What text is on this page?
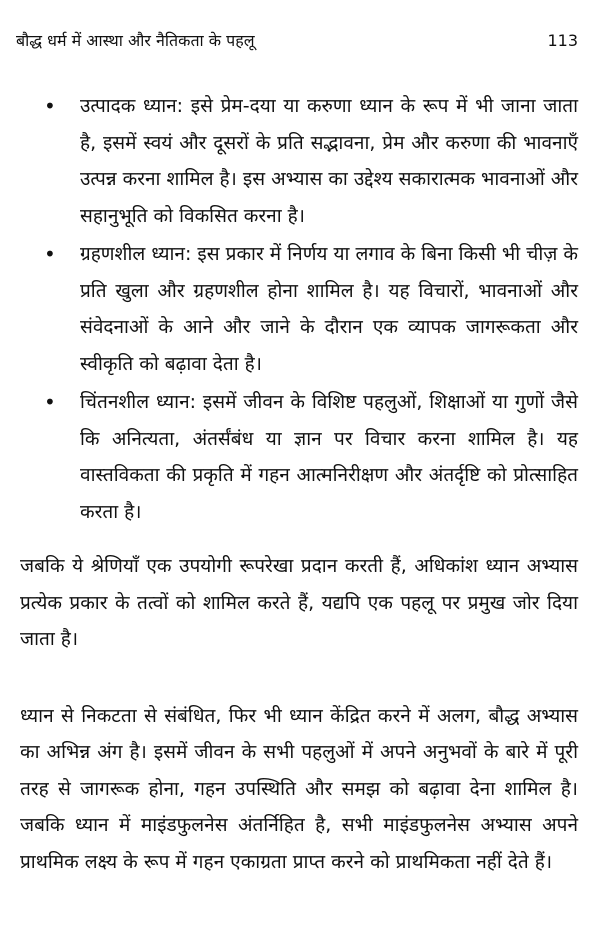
बौद्ध धर्म में आस्था और नैतिकता के पहलू	113
• उत्पादक ध्यान: इसे प्रेम-दया या करुणा ध्यान के रूप में भी जाना जाता है, इसमें स्वयं और दूसरों के प्रति सद्भावना, प्रेम और करुणा की भावनाएँ उत्पन्न करना शामिल है। इस अभ्यास का उद्देश्य सकारात्मक भावनाओं और सहानुभूति को विकसित करना है।
• ग्रहणशील ध्यान: इस प्रकार में निर्णय या लगाव के बिना किसी भी चीज़ के प्रति खुला और ग्रहणशील होना शामिल है। यह विचारों, भावनाओं और संवेदनाओं के आने और जाने के दौरान एक व्यापक जागरूकता और स्वीकृति को बढ़ावा देता है।
• चिंतनशील ध्यान: इसमें जीवन के विशिष्ट पहलुओं, शिक्षाओं या गुणों जैसे कि अनित्यता, अंतर्संबंध या ज्ञान पर विचार करना शामिल है। यह वास्तविकता की प्रकृति में गहन आत्मनिरीक्षण और अंतर्दृष्टि को प्रोत्साहित करता है।

जबकि ये श्रेणियाँ एक उपयोगी रूपरेखा प्रदान करती हैं, अधिकांश ध्यान अभ्यास प्रत्येक प्रकार के तत्वों को शामिल करते हैं, यद्यपि एक पहलू पर प्रमुख जोर दिया जाता है।

ध्यान से निकटता से संबंधित, फिर भी ध्यान केंद्रित करने में अलग, बौद्ध अभ्यास का अभिन्न अंग है। इसमें जीवन के सभी पहलुओं में अपने अनुभवों के बारे में पूरी तरह से जागरूक होना, गहन उपस्थिति और समझ को बढ़ावा देना शामिल है। जबकि ध्यान में माइंडफुलनेस अंतर्निहित है, सभी माइंडफुलनेस अभ्यास अपने प्राथमिक लक्ष्य के रूप में गहन एकाग्रता प्राप्त करने को प्राथमिकता नहीं देते हैं।
